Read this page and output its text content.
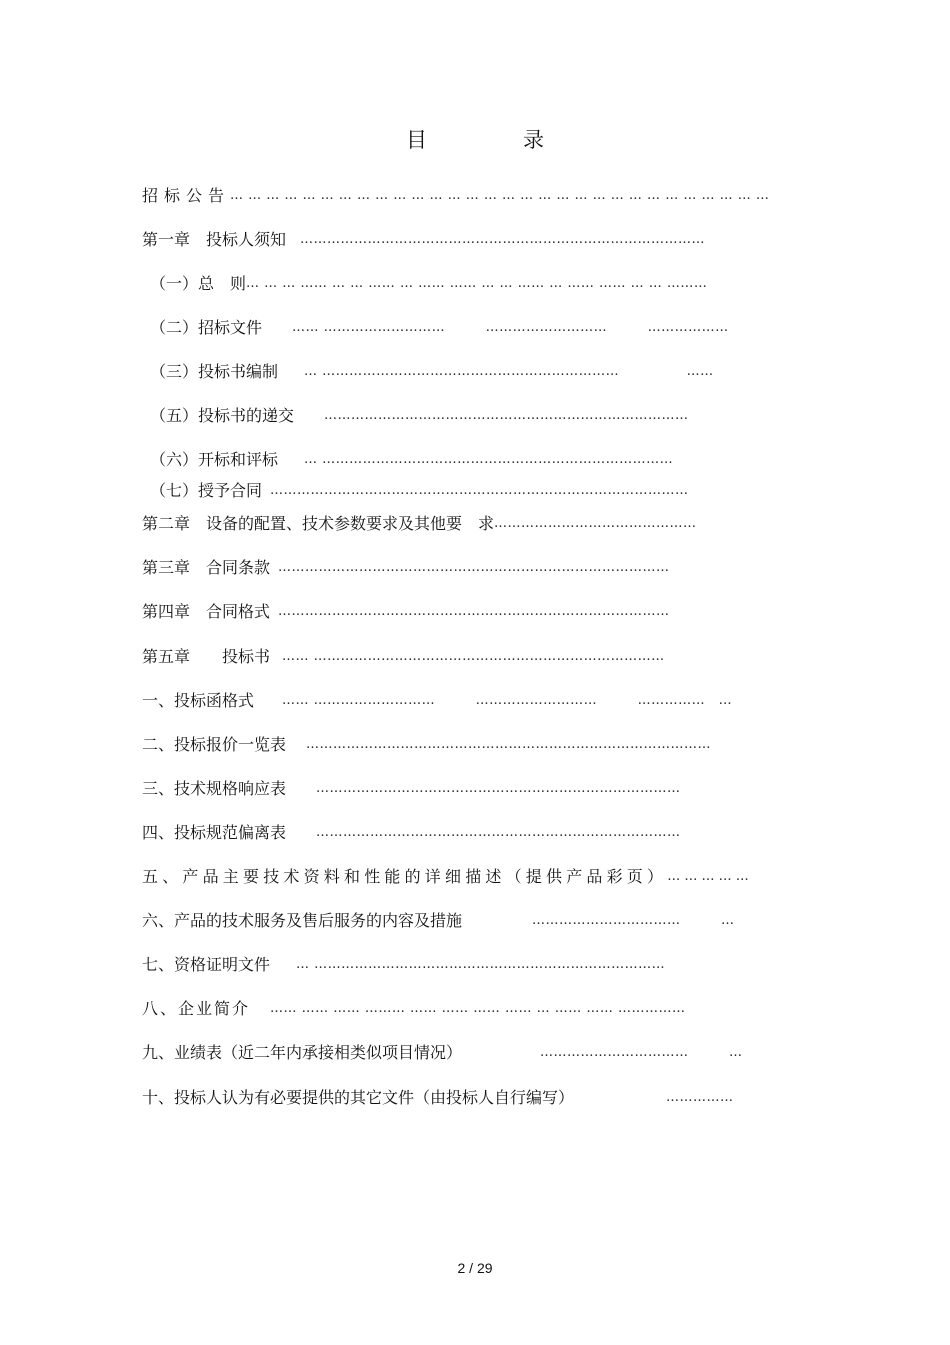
目录
招标公告… … … … … … … … … … … … … … … … … … … … … … … … … … … … … …
第一章　投标人须知 ………………………………………………………………………………
（一）总　则… … … …… … … …… … …… …… … … …… … …… …… … … ………
（二）招标文件 …… ………………………　　　………………………　　　………………
（三）投标书编制 … …………………………………………………………　　　　　……
（五）投标书的递交 ………………………………………………………………………
（六）开标和评标 … ……………………………………………………………………
（七）授予合同 …………………………………………………………………………………
第二章　设备的配置、技术参数要求及其他要　求………………………………………
第三章　合同条款 ……………………………………………………………………………
第四章　合同格式 ……………………………………………………………………………
第五章　　投标书 …… ……………………………………………………………………
一、投标函格式 …… ………………………　　　………………………　　　……………　…
二、投标报价一览表 ………………………………………………………………………………
三、技术规格响应表 ………………………………………………………………………
四、投标规范偏离表 ………………………………………………………………………
五、产品主要技术资料和性能的详细描述（提供产品彩页）… … … … …
六、产品的技术服务及售后服务的内容及措施	……………………………　　　…
七、资格证明文件 … ……………………………………………………………………
八、企业简介 …… …… …… ……… …… …… …… …… … …… …… ……………
九、业绩表（近二年内承接相类似项目情况）	……………………………　　　…
十、投标人认为有必要提供的其它文件（由投标人自行编写）	……………
2 / 29
